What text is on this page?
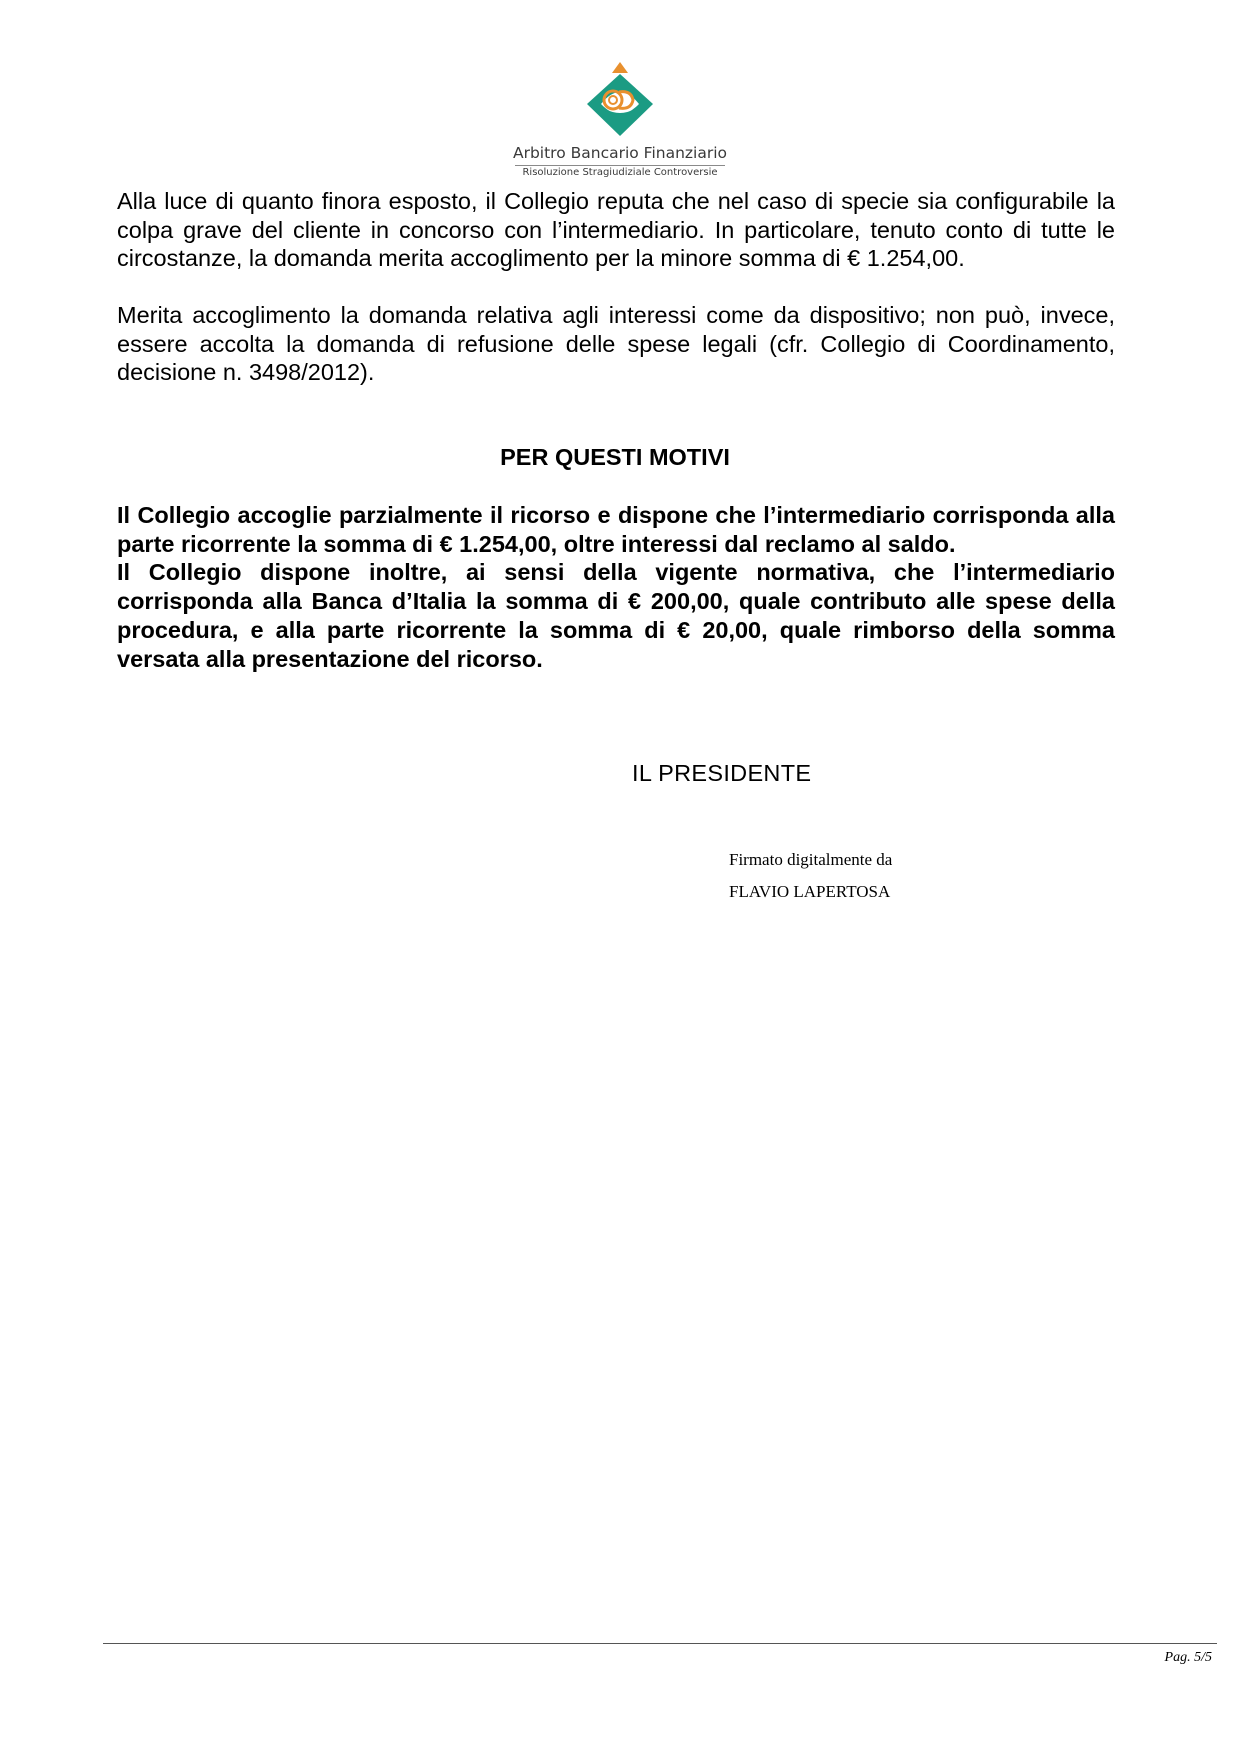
Arbitro Bancario Finanziario
Risoluzione Stragiudiziale Controversie

Alla luce di quanto finora esposto, il Collegio reputa che nel caso di specie sia configurabile la colpa grave del cliente in concorso con l’intermediario. In particolare, tenuto conto di tutte le circostanze, la domanda merita accoglimento per la minore somma di € 1.254,00.

Merita accoglimento la domanda relativa agli interessi come da dispositivo; non può, invece, essere accolta la domanda di refusione delle spese legali (cfr. Collegio di Coordinamento, decisione n. 3498/2012).

PER QUESTI MOTIVI

Il Collegio accoglie parzialmente il ricorso e dispone che l’intermediario corrisponda alla parte ricorrente la somma di € 1.254,00, oltre interessi dal reclamo al saldo.

Il Collegio dispone inoltre, ai sensi della vigente normativa, che l’intermediario corrisponda alla Banca d’Italia la somma di € 200,00, quale contributo alle spese della procedura, e alla parte ricorrente la somma di € 20,00, quale rimborso della somma versata alla presentazione del ricorso.

IL PRESIDENTE
Firmato digitalmente da
FLAVIO LAPERTOSA
Pag. 5/5
